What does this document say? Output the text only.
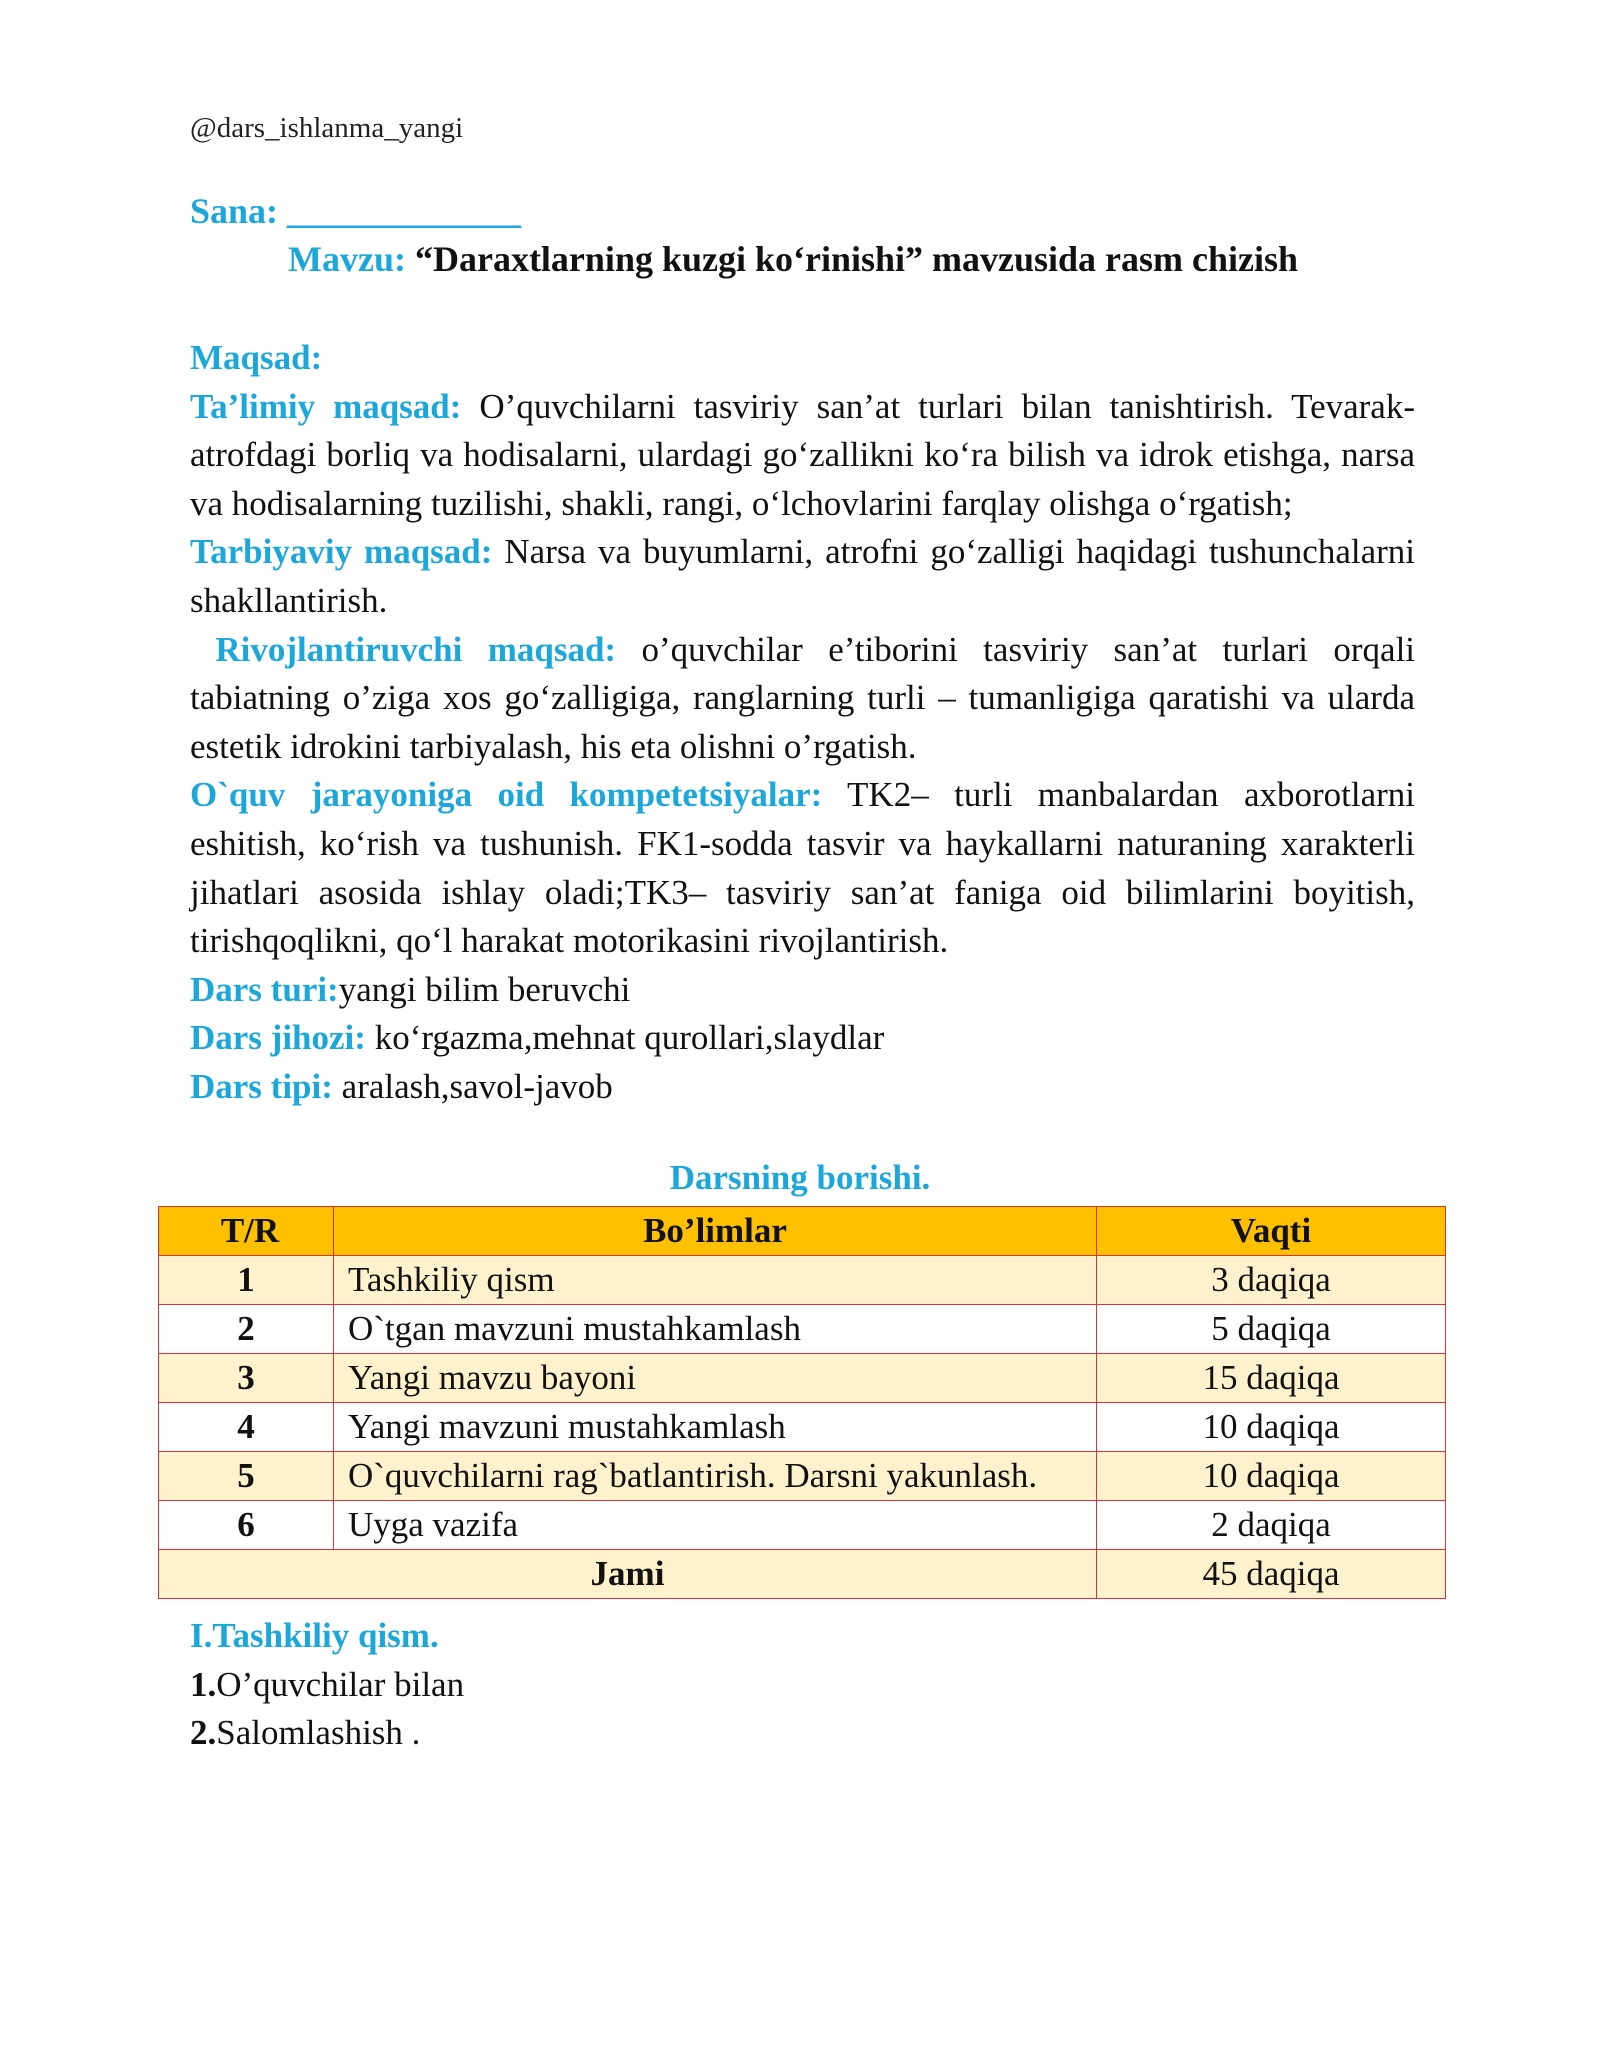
@dars_ishlanma_yangi
Sana: _____________
Mavzu: “Daraxtlarning kuzgi ko‘rinishi” mavzusida rasm chizish

Maqsad:

Ta’limiy maqsad: O’quvchilarni tasviriy san’at turlari bilan tanishtirish. Tevarak-atrofdagi borliq va hodisalarni, ulardagi go‘zallikni ko‘ra bilish va idrok etishga, narsa va hodisalarning tuzilishi, shakli, rangi, o‘lchovlarini farqlay olishga o‘rgatish;

Tarbiyaviy maqsad: Narsa va buyumlarni, atrofni go‘zalligi haqidagi tushunchalarni shakllantirish.

Rivojlantiruvchi maqsad: o’quvchilar e’tiborini tasviriy san’at turlari orqali tabiatning o’ziga xos go‘zalligiga, ranglarning turli – tumanligiga qaratishi va ularda estetik idrokini tarbiyalash, his eta olishni o’rgatish.

O`quv jarayoniga oid kompetetsiyalar: TK2– turli manbalardan axborotlarni eshitish, ko‘rish va tushunish. FK1-sodda tasvir va haykallarni naturaning xarakterli jihatlari asosida ishlay oladi;TK3– tasviriy san’at faniga oid bilimlarini boyitish, tirishqoqlikni, qo‘l harakat motorikasini rivojlantirish.

Dars turi:yangi bilim beruvchi

Dars jihozi: ko‘rgazma,mehnat qurollari,slaydlar

Dars tipi: aralash,savol-javob

Darsning borishi.
T/R	Bo’limlar	Vaqti
1	Tashkiliy qism	3 daqiqa
2	O`tgan mavzuni mustahkamlash	5 daqiqa
3	Yangi mavzu bayoni	15 daqiqa
4	Yangi mavzuni mustahkamlash	10 daqiqa
5	O`quvchilarni rag`batlantirish. Darsni yakunlash.	10 daqiqa
6	Uyga vazifa	2 daqiqa
Jami		45 daqiqa

I.Tashkiliy qism.

1.O’quvchilar bilan

2.Salomlashish .
